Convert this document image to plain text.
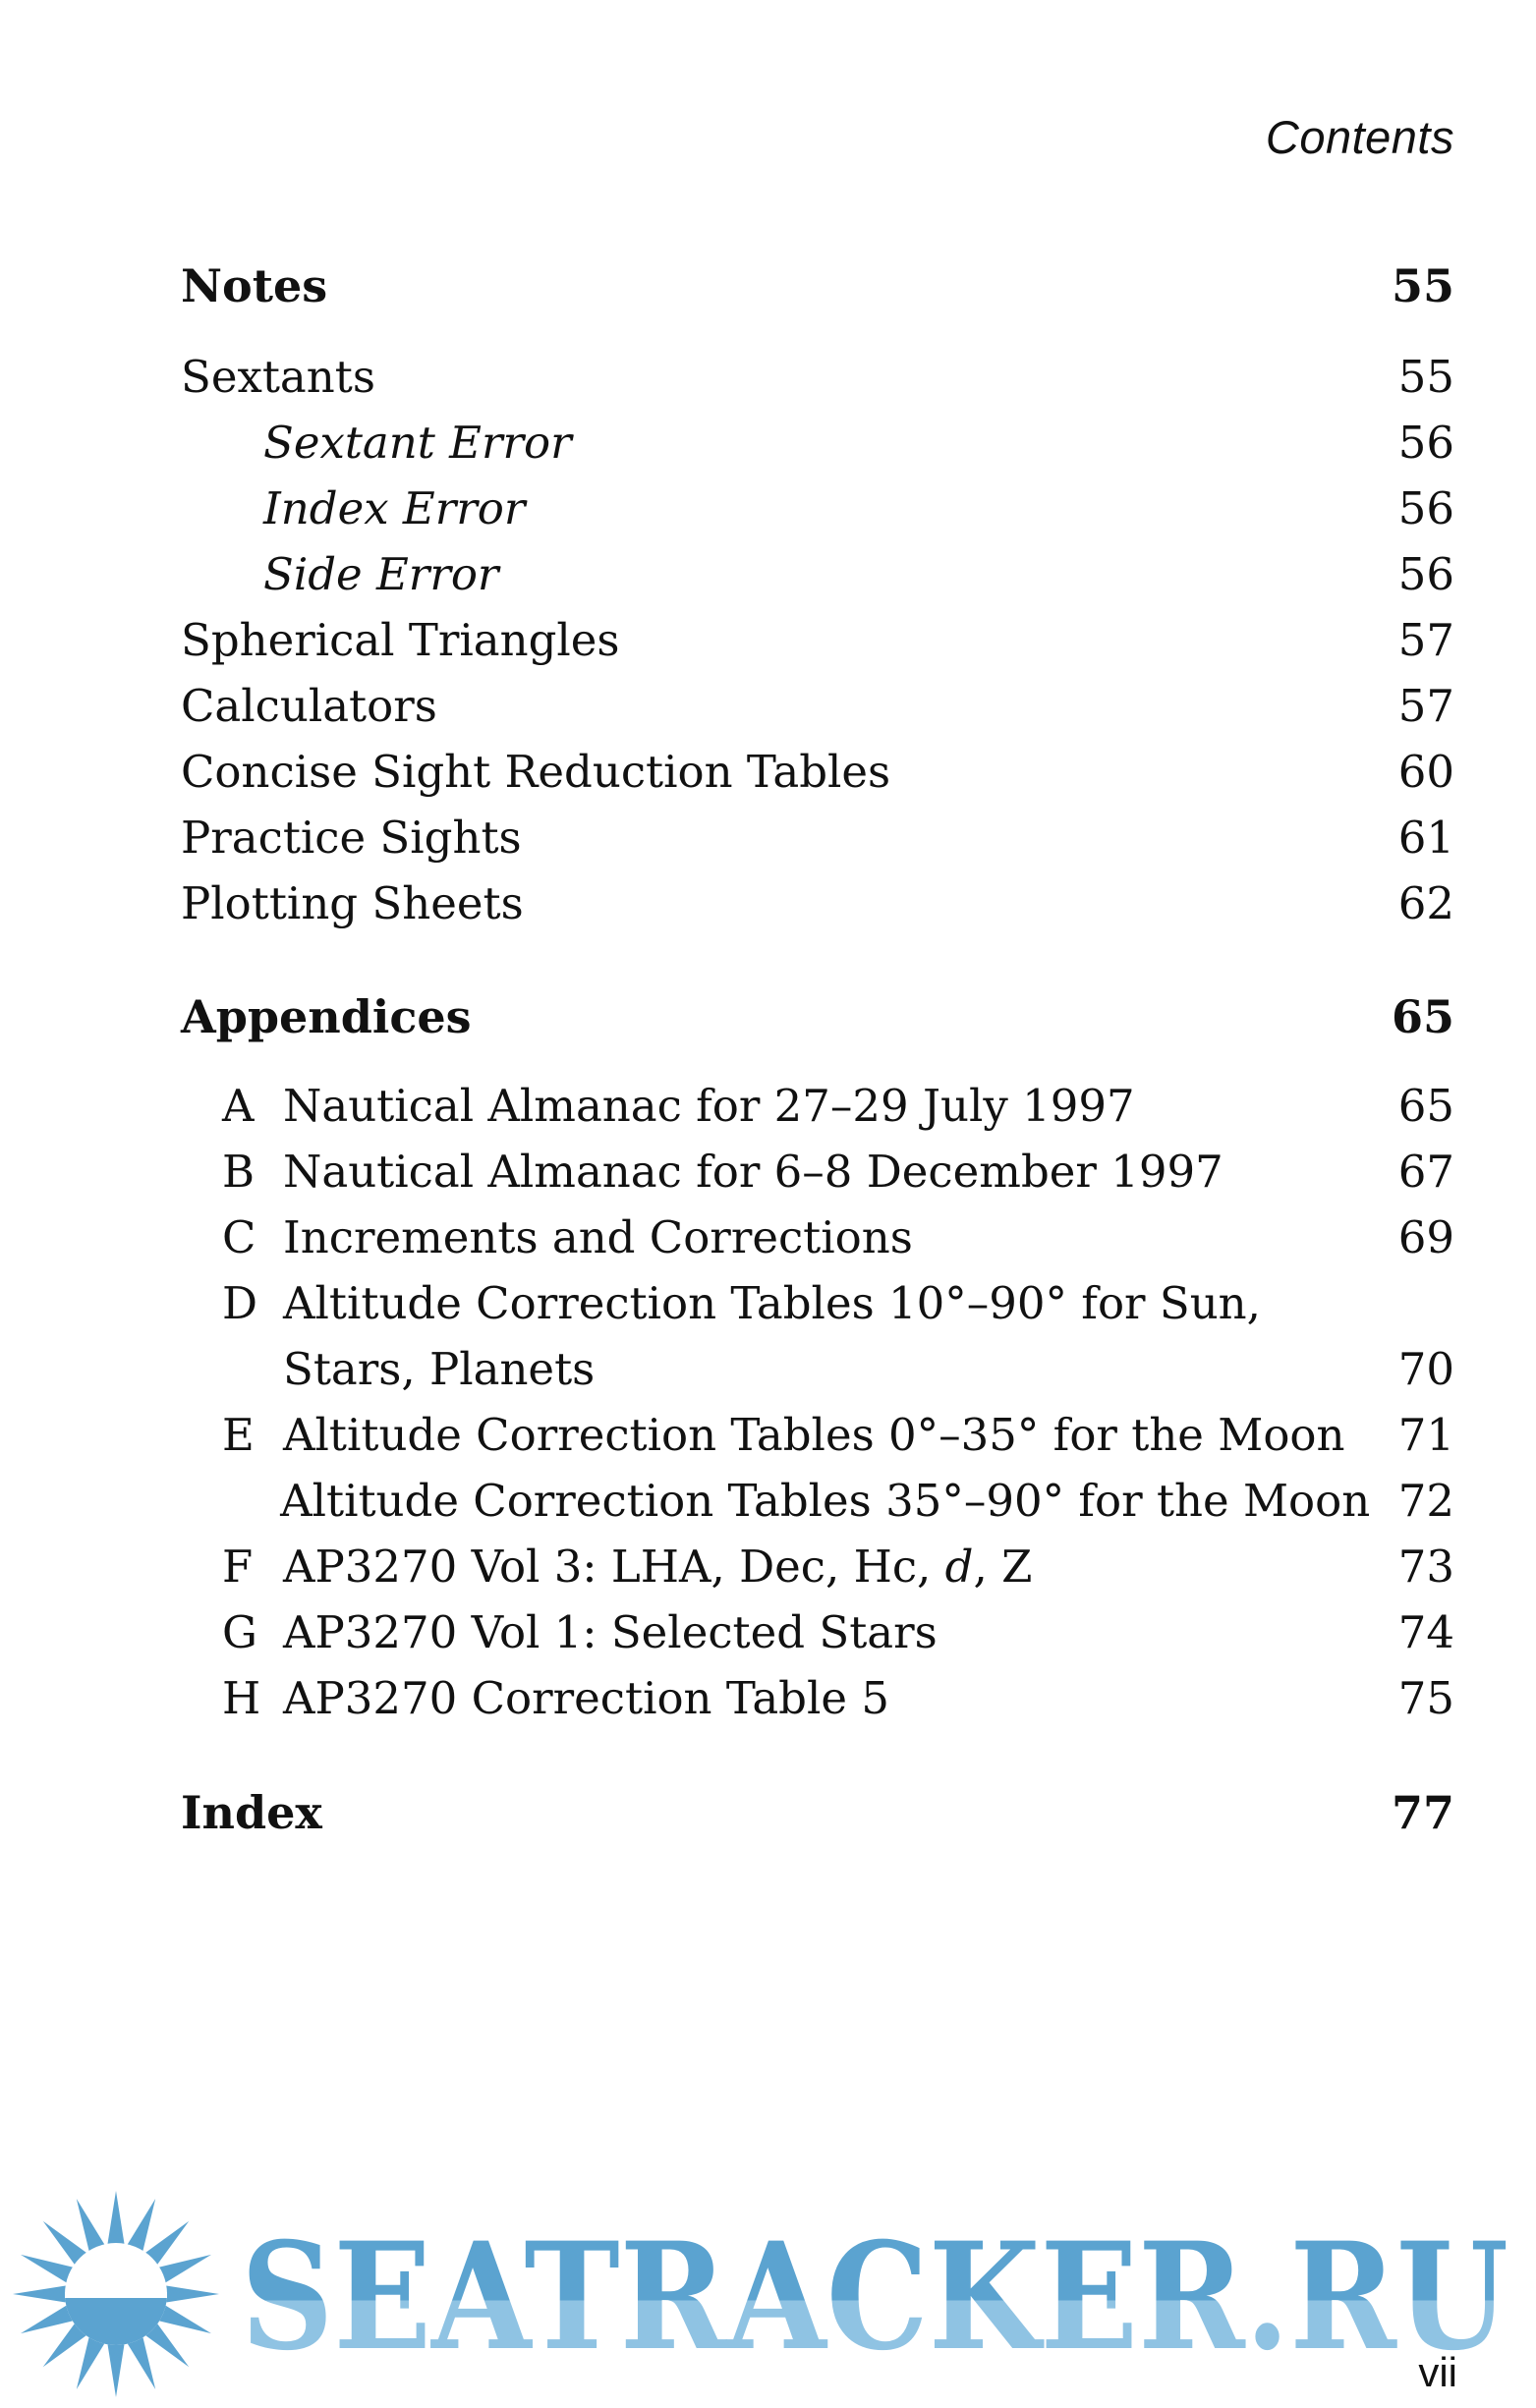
Contents
Notes	55
Sextants	55
Sextant Error	56
Index Error	56
Side Error	56
Spherical Triangles	57
Calculators	57
Concise Sight Reduction Tables	60
Practice Sights	61
Plotting Sheets	62
Appendices	65
A Nautical Almanac for 27–29 July 1997	65
B Nautical Almanac for 6–8 December 1997	67
C Increments and Corrections	69
D Altitude Correction Tables 10°–90° for Sun,
Stars, Planets	70
E Altitude Correction Tables 0°–35° for the Moon	71
Altitude Correction Tables 35°–90° for the Moon 72
F AP3270 Vol 3: LHA, Dec, Hc, d, Z	73
G AP3270 Vol 1: Selected Stars	74
H AP3270 Correction Table 5	75
Index	77
SEATRACKER.RU
vii
